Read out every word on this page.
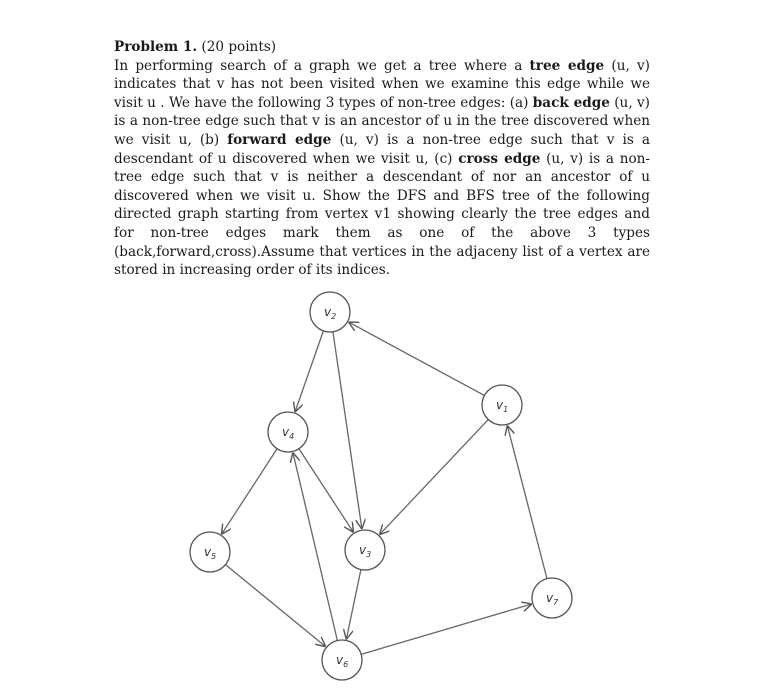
Problem 1. (20 points)
In performing search of a graph we get a tree where a tree edge (u, v) indicates that v has not been visited when we examine this edge while we visit u . We have the following 3 types of non-tree edges: (a) back edge (u, v) is a non-tree edge such that v is an ancestor of u in the tree discovered when we visit u, (b) forward edge (u, v) is a non-tree edge such that v is a descendant of u discovered when we visit u, (c) cross edge (u, v) is a non-tree edge such that v is neither a descendant of nor an ancestor of u discovered when we visit u. Show the DFS and BFS tree of the following directed graph starting from vertex v1 showing clearly the tree edges and for non-tree edges mark them as one of the above 3 types (back,forward,cross).Assume that vertices in the adjaceny list of a vertex are stored in increasing order of its indices.

$v_1$
$v_2$
$v_3$
$v_4$
$v_5$
$v_6$
$v_7$
